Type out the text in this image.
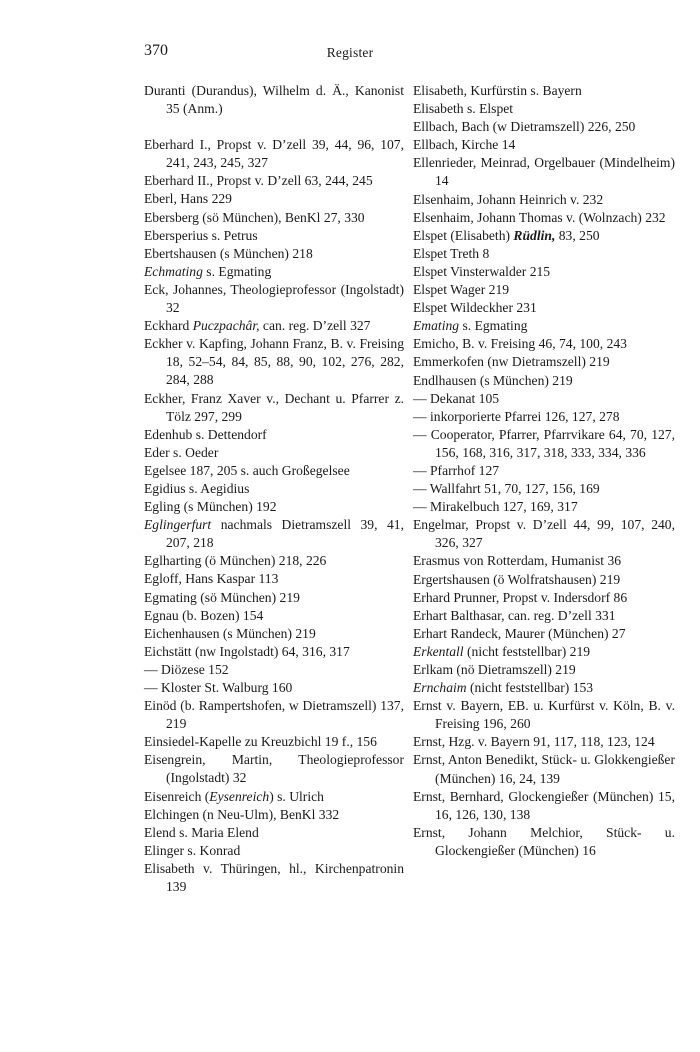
370	Register

Duranti (Durandus), Wilhelm d. Ä., Kanonist 35 (Anm.)

Eberhard I., Propst v. D’zell 39, 44, 96, 107, 241, 243, 245, 327

Eberhard II., Propst v. D’zell 63, 244, 245

Eberl, Hans 229

Ebersberg (sö München), BenKl 27, 330

Ebersperius s. Petrus

Ebertshausen (s München) 218

Echmating s. Egmating

Eck, Johannes, Theologieprofessor (Ingolstadt) 32

Eckhard Puczpachâr, can. reg. D’zell 327

Eckher v. Kapfing, Johann Franz, B. v. Freising 18, 52–54, 84, 85, 88, 90, 102, 276, 282, 284, 288

Eckher, Franz Xaver v., Dechant u. Pfarrer z. Tölz 297, 299

Edenhub s. Dettendorf

Eder s. Oeder

Egelsee 187, 205 s. auch Großegelsee

Egidius s. Aegidius

Egling (s München) 192

Eglingerfurt nachmals Dietramszell 39, 41, 207, 218

Eglharting (ö München) 218, 226

Egloff, Hans Kaspar 113

Egmating (sö München) 219

Egnau (b. Bozen) 154

Eichenhausen (s München) 219

Eichstätt (nw Ingolstadt) 64, 316, 317

— Diözese 152

— Kloster St. Walburg 160

Einöd (b. Rampertshofen, w Dietramszell) 137, 219

Einsiedel-Kapelle zu Kreuzbichl 19 f., 156

Eisengrein, Martin, Theologieprofessor (Ingolstadt) 32

Eisenreich (Eysenreich) s. Ulrich

Elchingen (n Neu-Ulm), BenKl 332

Elend s. Maria Elend

Elinger s. Konrad

Elisabeth v. Thüringen, hl., Kirchenpatronin 139

Elisabeth, Kurfürstin s. Bayern

Elisabeth s. Elspet

Ellbach, Bach (w Dietramszell) 226, 250

Ellbach, Kirche 14

Ellenrieder, Meinrad, Orgelbauer (Mindelheim) 14

Elsenhaim, Johann Heinrich v. 232

Elsenhaim, Johann Thomas v. (Wolnzach) 232

Elspet (Elisabeth) Rüdlin, 83, 250

Elspet Treth 8

Elspet Vinsterwalder 215

Elspet Wager 219

Elspet Wildeckher 231

Emating s. Egmating

Emicho, B. v. Freising 46, 74, 100, 243

Emmerkofen (nw Dietramszell) 219

Endlhausen (s München) 219

— Dekanat 105

— inkorporierte Pfarrei 126, 127, 278

— Cooperator, Pfarrer, Pfarrvikare 64, 70, 127, 156, 168, 316, 317, 318, 333, 334, 336

— Pfarrhof 127

— Wallfahrt 51, 70, 127, 156, 169

— Mirakelbuch 127, 169, 317

Engelmar, Propst v. D’zell 44, 99, 107, 240, 326, 327

Erasmus von Rotterdam, Humanist 36

Ergertshausen (ö Wolfratshausen) 219

Erhard Prunner, Propst v. Indersdorf 86

Erhart Balthasar, can. reg. D’zell 331

Erhart Randeck, Maurer (München) 27

Erkentall (nicht feststellbar) 219

Erlkam (nö Dietramszell) 219

Ernchaim (nicht feststellbar) 153

Ernst v. Bayern, EB. u. Kurfürst v. Köln, B. v. Freising 196, 260

Ernst, Hzg. v. Bayern 91, 117, 118, 123, 124

Ernst, Anton Benedikt, Stück- u. Glokkengießer (München) 16, 24, 139

Ernst, Bernhard, Glockengießer (München) 15, 16, 126, 130, 138

Ernst, Johann Melchior, Stück- u. Glockengießer (München) 16
